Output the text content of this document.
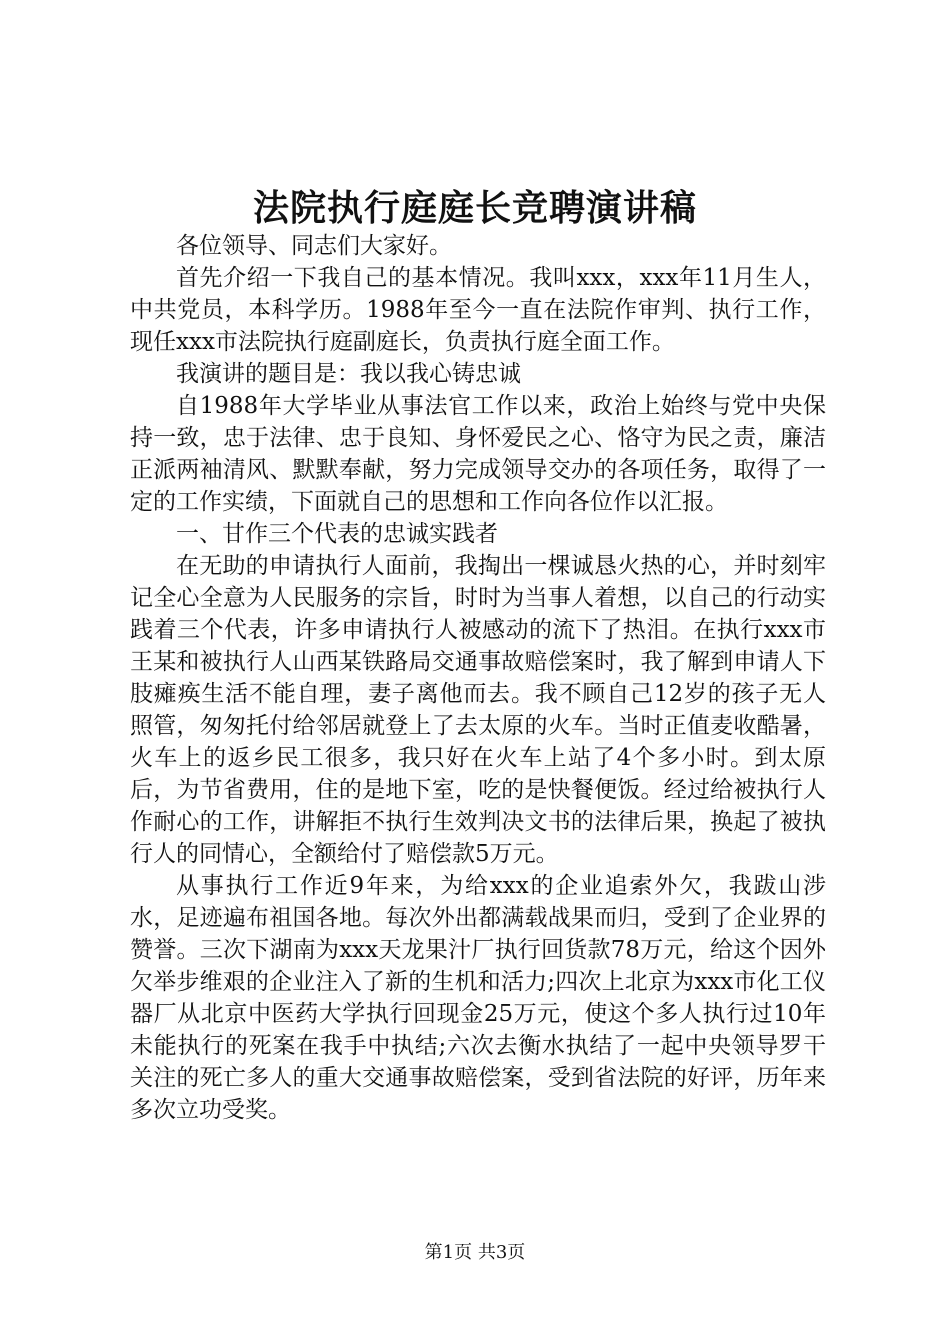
法院执行庭庭长竞聘演讲稿

各位领导、同志们大家好。

首先介绍一下我自己的基本情况。我叫xxx，xxx年11月生人，中共党员，本科学历。1988年至今一直在法院作审判、执行工作，现任xxx市法院执行庭副庭长，负责执行庭全面工作。

我演讲的题目是：我以我心铸忠诚

自1988年大学毕业从事法官工作以来，政治上始终与党中央保持一致，忠于法律、忠于良知、身怀爱民之心、恪守为民之责，廉洁正派两袖清风、默默奉献，努力完成领导交办的各项任务，取得了一定的工作实绩，下面就自己的思想和工作向各位作以汇报。

一、甘作三个代表的忠诚实践者

在无助的申请执行人面前，我掏出一棵诚恳火热的心，并时刻牢记全心全意为人民服务的宗旨，时时为当事人着想，以自己的行动实践着三个代表，许多申请执行人被感动的流下了热泪。在执行xxx市王某和被执行人山西某铁路局交通事故赔偿案时，我了解到申请人下肢瘫痪生活不能自理，妻子离他而去。我不顾自己12岁的孩子无人照管，匆匆托付给邻居就登上了去太原的火车。当时正值麦收酷暑，火车上的返乡民工很多，我只好在火车上站了4个多小时。到太原后，为节省费用，住的是地下室，吃的是快餐便饭。经过给被执行人作耐心的工作，讲解拒不执行生效判决文书的法律后果，换起了被执行人的同情心，全额给付了赔偿款5万元。

从事执行工作近9年来，为给xxx的企业追索外欠，我跋山涉水，足迹遍布祖国各地。每次外出都满载战果而归，受到了企业界的赞誉。三次下湖南为xxx天龙果汁厂执行回货款78万元，给这个因外欠举步维艰的企业注入了新的生机和活力;四次上北京为xxx市化工仪器厂从北京中医药大学执行回现金25万元，使这个多人执行过10年未能执行的死案在我手中执结;六次去衡水执结了一起中央领导罗干关注的死亡多人的重大交通事故赔偿案，受到省法院的好评，历年来多次立功受奖。

第1页 共3页
